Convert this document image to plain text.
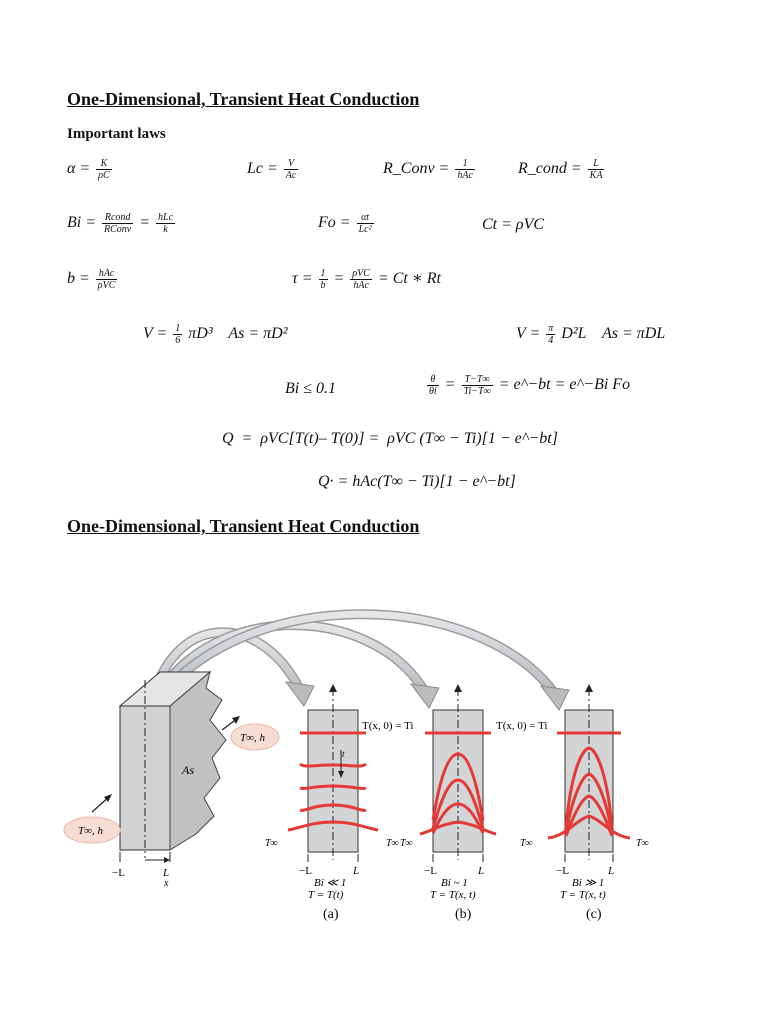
One-Dimensional, Transient Heat Conduction
Important laws
$\alpha = \frac{K}{\rho C}$	$Lc = \frac{V}{Ac}$	R_Conv = $\frac{1}{\text{hAc}}$	R_cond = $\frac{L}{KA}$
$Bi = \frac{\text{Rcond}}{\text{RConv}} = \frac{\text{hLc}}{k}$	$Fo = \frac{\alpha t}{\text{Lc²}}$	Ct = ρVC
$b = \frac{\text{hAc}}{\text{ρVC}}$	$\tau = \frac{1}{b} = \frac{\text{ρVC}}{\text{hAc}} = Ct$ ∗ Rt
$V = \frac{1}{6} \pi D^3$    As = πD²	$V = \frac{\pi}{4} D^2L$    As = πDL
Bi ≤ 0.1	$\frac{\theta}{\theta i} = \frac{T-T\infty}{Ti-T\infty}$ = e^−bt = e^−Bi Fo
Q  =  ρVC[T(t)– T(0)] =  ρVC (T∞ − Ti)[1 − e^−bt]
Q· = hAc(T∞ − Ti)[1 − e^−bt]
One-Dimensional, Transient Heat Conduction
As
−L	L
x
T∞, h
T∞, h
t
T(x, 0) = Ti
T∞	T∞
−L	L
Bi ≪ 1
T = T(t)
(a)
T∞
−L	L
Bi ~ 1
T = T(x, t)
(b)
T(x, 0) = Ti
T∞	T∞
−L	L
Bi ≫ 1
T = T(x, t)
(c)
